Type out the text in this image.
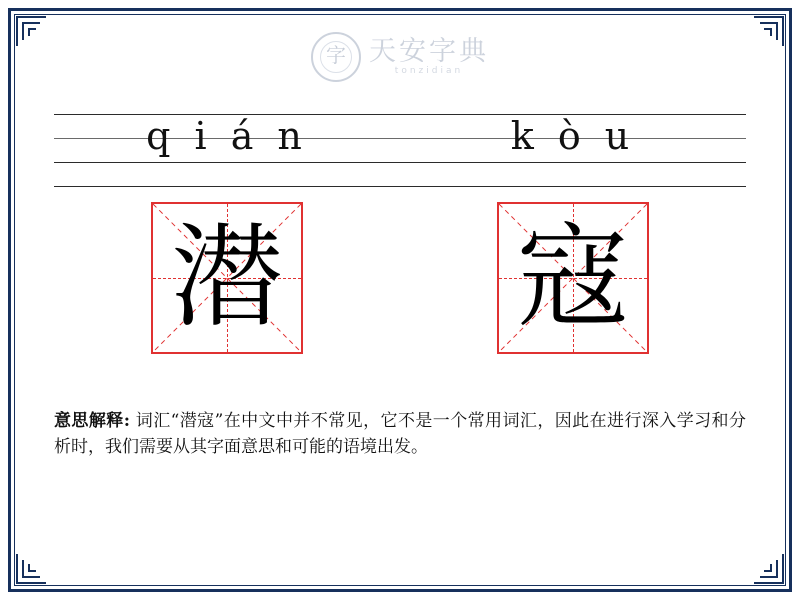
字 天安字典
tonzidian
q i á n	k ò u
潜 寇
意思解释: 词汇“潜寇”在中文中并不常见，它不是一个常用词汇，因此在进行深入学习和分析时，我们需要从其字面意思和可能的语境出发。
